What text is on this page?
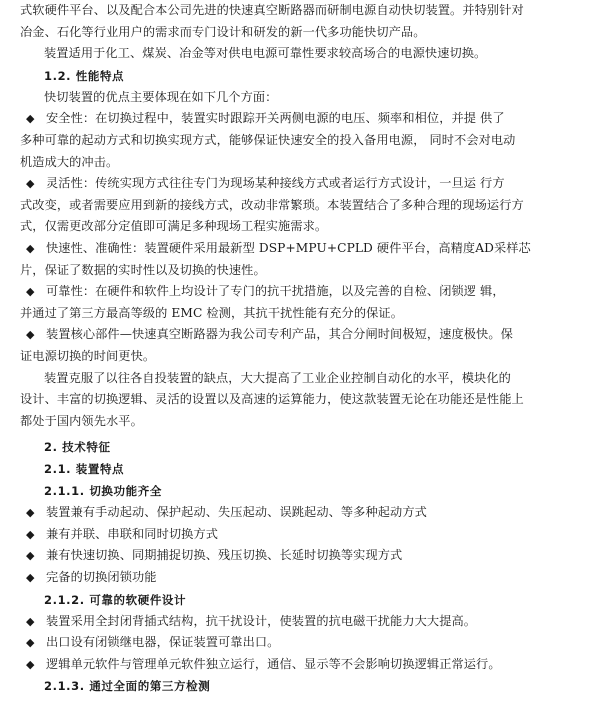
式软硬件平台、以及配合本公司先进的快速真空断路器而研制电源自动快切装置。并特别针对
冶金、石化等行业用户的需求而专门设计和研发的新一代多功能快切产品。
装置适用于化工、煤炭、冶金等对供电电源可靠性要求较高场合的电源快速切换。
1.2. 性能特点
快切装置的优点主要体现在如下几个方面：
◆ 安全性：在切换过程中，装置实时跟踪开关两侧电源的电压、频率和相位，并提 供了
多种可靠的起动方式和切换实现方式，能够保证快速安全的投入备用电源， 同时不会对电动
机造成大的冲击。
◆ 灵活性：传统实现方式往往专门为现场某种接线方式或者运行方式设计，一旦运 行方
式改变，或者需要应用到新的接线方式，改动非常繁琐。本装置结合了多种合理的现场运行方
式，仅需更改部分定值即可满足多种现场工程实施需求。
◆ 快速性、准确性：装置硬件采用最新型 DSP+MPU+CPLD 硬件平台，高精度AD采样芯
片，保证了数据的实时性以及切换的快速性。
◆ 可靠性：在硬件和软件上均设计了专门的抗干扰措施，以及完善的自检、闭锁逻 辑，
并通过了第三方最高等级的 EMC 检测，其抗干扰性能有充分的保证。
◆ 装置核心部件—快速真空断路器为我公司专利产品，其合分闸时间极短，速度极快。保
证电源切换的时间更快。
装置克服了以往各自投装置的缺点，大大提高了工业企业控制自动化的水平，模块化的
设计、丰富的切换逻辑、灵活的设置以及高速的运算能力，使这款装置无论在功能还是性能上
都处于国内领先水平。
2. 技术特征
2.1. 装置特点
2.1.1. 切换功能齐全
◆ 装置兼有手动起动、保护起动、失压起动、误跳起动、等多种起动方式
◆ 兼有并联、串联和同时切换方式
◆ 兼有快速切换、同期捕捉切换、残压切换、长延时切换等实现方式
◆ 完备的切换闭锁功能
2.1.2. 可靠的软硬件设计
◆ 装置采用全封闭背插式结构，抗干扰设计，使装置的抗电磁干扰能力大大提高。
◆ 出口设有闭锁继电器，保证装置可靠出口。
◆ 逻辑单元软件与管理单元软件独立运行，通信、显示等不会影响切换逻辑正常运行。
2.1.3. 通过全面的第三方检测
